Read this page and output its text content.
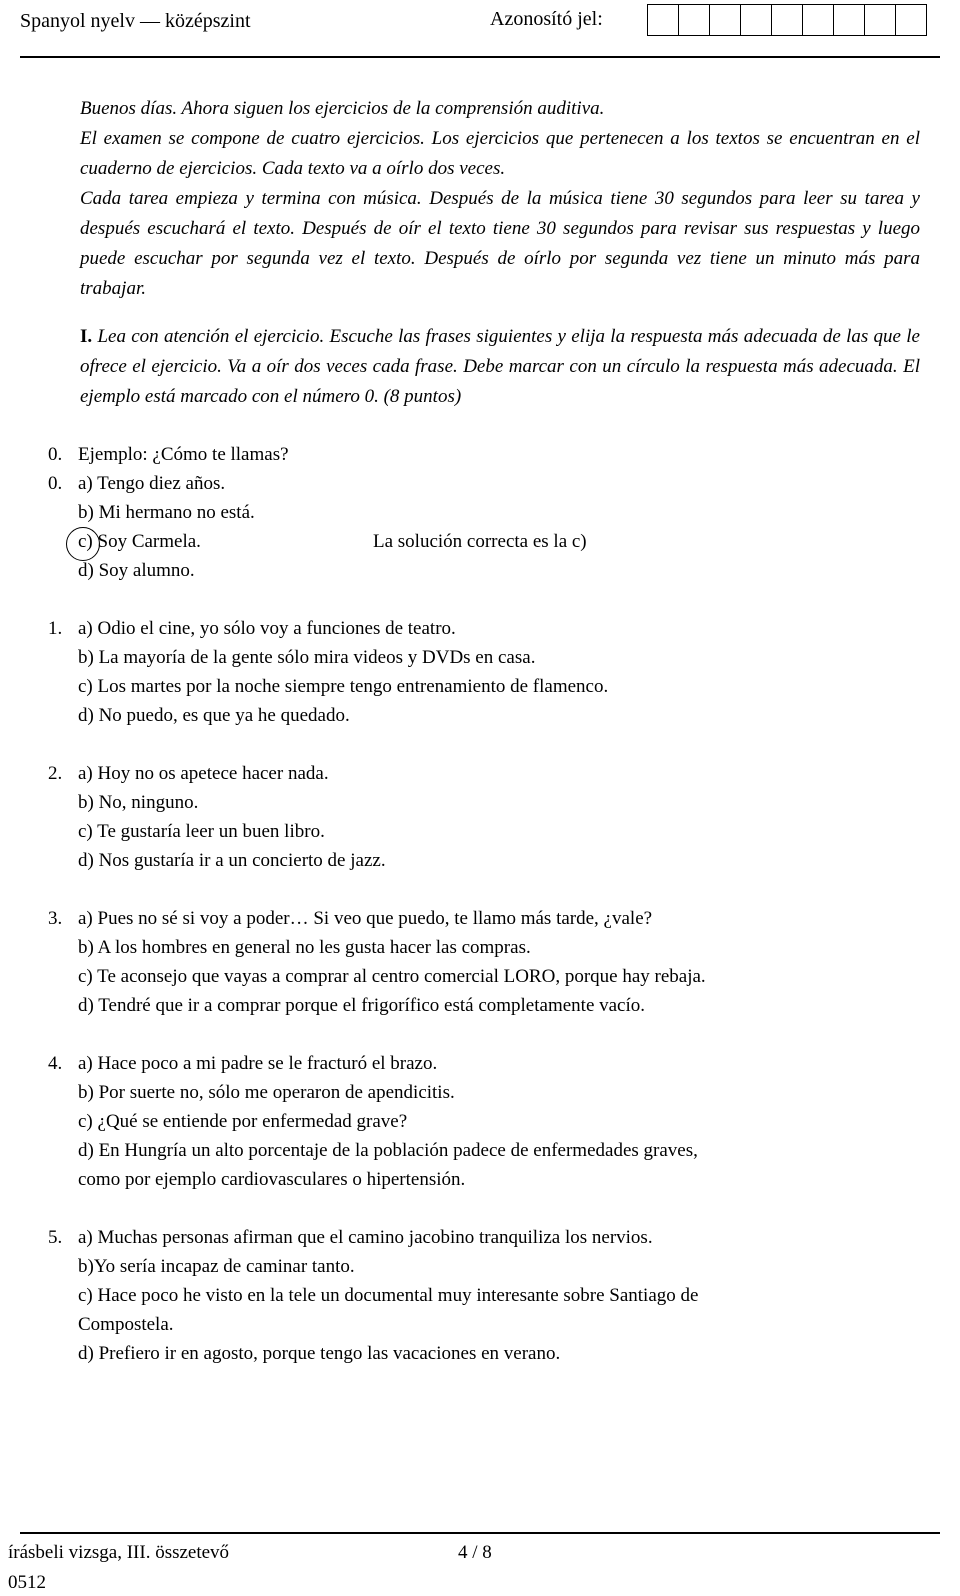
Spanyol nyelv — középszint	Azonosító jel:

Buenos días. Ahora siguen los ejercicios de la comprensión auditiva.

El examen se compone de cuatro ejercicios. Los ejercicios que pertenecen a los textos se encuentran en el cuaderno de ejercicios. Cada texto va a oírlo dos veces.

Cada tarea empieza y termina con música. Después de la música tiene 30 segundos para leer su tarea y después escuchará el texto. Después de oír el texto tiene 30 segundos para revisar sus respuestas y luego puede escuchar por segunda vez el texto. Después de oírlo por segunda vez tiene un minuto más para trabajar.

I. Lea con atención el ejercicio. Escuche las frases siguientes y elija la respuesta más adecuada de las que le ofrece el ejercicio. Va a oír dos veces cada frase. Debe marcar con un círculo la respuesta más adecuada. El ejemplo está marcado con el número 0. (8 puntos)
0. Ejemplo: ¿Cómo te llamas?
0. a) Tengo diez años.
b) Mi hermano no está.
c) Soy Carmela.	La solución correcta es la c)
d) Soy alumno.
1. a) Odio el cine, yo sólo voy a funciones de teatro.
b) La mayoría de la gente sólo mira videos y DVDs en casa.
c) Los martes por la noche siempre tengo entrenamiento de flamenco.
d) No puedo, es que ya he quedado.
2. a) Hoy no os apetece hacer nada.
b) No, ninguno.
c) Te gustaría leer un buen libro.
d) Nos gustaría ir a un concierto de jazz.
3. a) Pues no sé si voy a poder… Si veo que puedo, te llamo más tarde, ¿vale?
b) A los hombres en general no les gusta hacer las compras.
c) Te aconsejo que vayas a comprar al centro comercial LORO, porque hay rebaja.
d) Tendré que ir a comprar porque el frigorífico está completamente vacío.
4. a) Hace poco a mi padre se le fracturó el brazo.
b) Por suerte no, sólo me operaron de apendicitis.
c) ¿Qué se entiende por enfermedad grave?
d) En Hungría un alto porcentaje de la población padece de enfermedades graves,
como por ejemplo cardiovasculares o hipertensión.
5. a) Muchas personas afirman que el camino jacobino tranquiliza los nervios.
b)Yo sería incapaz de caminar tanto.
c) Hace poco he visto en la tele un documental muy interesante sobre Santiago de
Compostela.
d) Prefiero ir en agosto, porque tengo las vacaciones en verano.
írásbeli vizsga, III. összetevő
0512
4 / 8
